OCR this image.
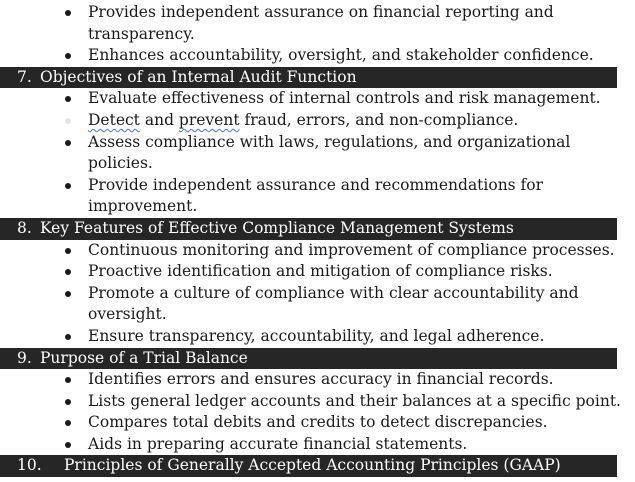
Provides independent assurance on financial reporting and transparency.
Enhances accountability, oversight, and stakeholder confidence.
7. Objectives of an Internal Audit Function
Evaluate effectiveness of internal controls and risk management.
Detect and prevent fraud, errors, and non-compliance.
Assess compliance with laws, regulations, and organizational policies.
Provide independent assurance and recommendations for improvement.
8. Key Features of Effective Compliance Management Systems
Continuous monitoring and improvement of compliance processes.
Proactive identification and mitigation of compliance risks.
Promote a culture of compliance with clear accountability and oversight.
Ensure transparency, accountability, and legal adherence.
9. Purpose of a Trial Balance
Identifies errors and ensures accuracy in financial records.
Lists general ledger accounts and their balances at a specific point.
Compares total debits and credits to detect discrepancies.
Aids in preparing accurate financial statements.
10. Principles of Generally Accepted Accounting Principles (GAAP)
